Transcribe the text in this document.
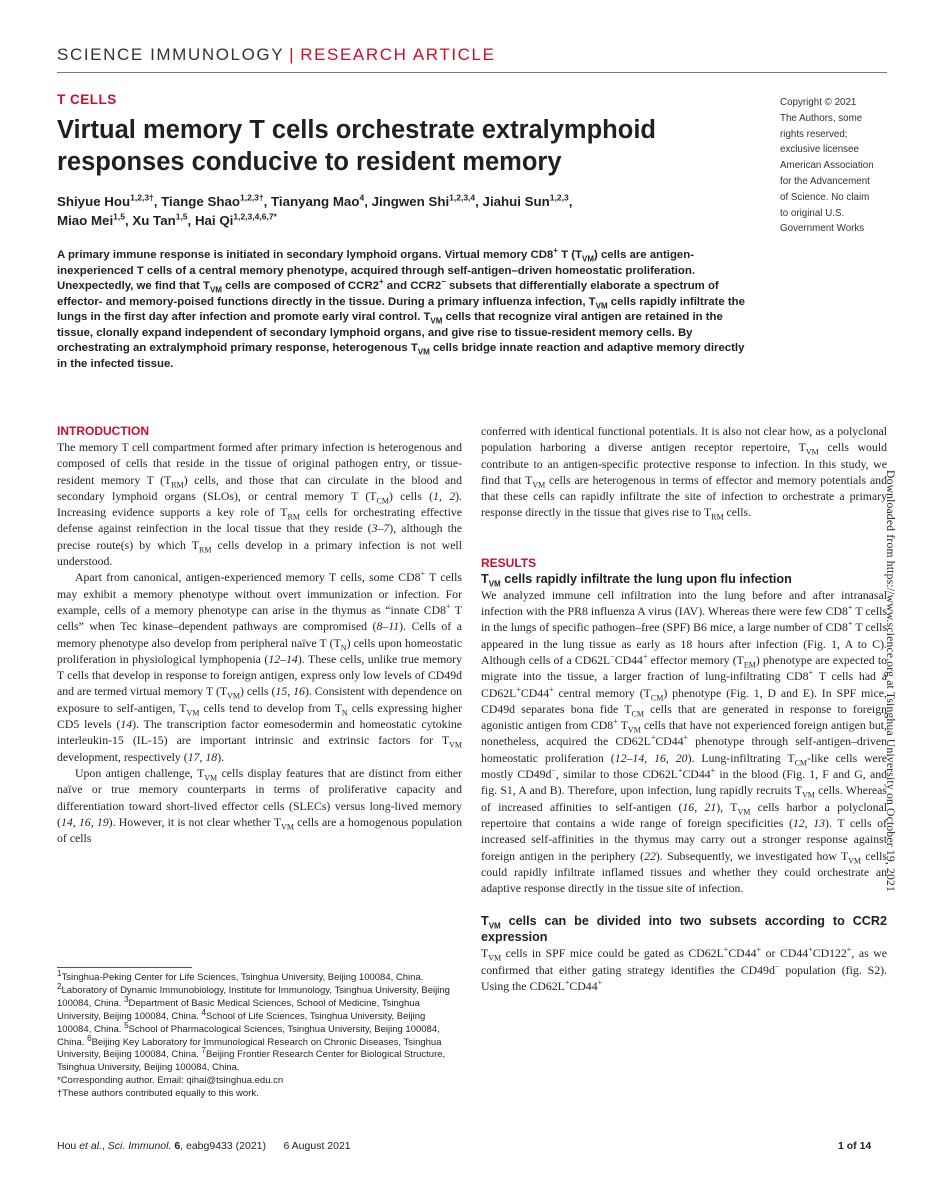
SCIENCE IMMUNOLOGY | RESEARCH ARTICLE
T CELLS
Virtual memory T cells orchestrate extralymphoid responses conducive to resident memory
Shiyue Hou$^{1,2,3\dagger}$, Tiange Shao$^{1,2,3\dagger}$, Tianyang Mao$^4$, Jingwen Shi$^{1,2,3,4}$, Jiahui Sun$^{1,2,3}$,
Miao Mei$^{1,5}$, Xu Tan$^{1,5}$, Hai $Qi^{1,2,3,4,6,7*}$
Copyright © 2021
The Authors, some
rights reserved;
exclusive licensee
American Association
for the Advancement
of Science. No claim
to original U.S.
Government Works

A primary immune response is initiated in secondary lymphoid organs. Virtual memory CD8+ T $(T_{VM})$ cells are antigen-inexperienced T cells of a central memory phenotype, acquired through self-antigen–driven homeostatic proliferation. Unexpectedly, we find that $T_{VM}$ cells are composed of CCR2+ and CCR2− subsets that differentially elaborate a spectrum of effector- and memory-poised functions directly in the tissue. During a primary influenza infection, $T_{VM}$ cells rapidly infiltrate the lungs in the first day after infection and promote early viral control. $T_{VM}$ cells that recognize viral antigen are retained in the tissue, clonally expand independent of secondary lymphoid organs, and give rise to tissue-resident memory cells. By orchestrating an extralymphoid primary response, heterogenous $T_{VM}$ cells bridge innate reaction and adaptive memory directly in the infected tissue.

INTRODUCTION

The memory T cell compartment formed after primary infection is heterogenous and composed of cells that reside in the tissue of original pathogen entry, or tissue-resident memory T $(T_{RM})$ cells, and those that can circulate in the blood and secondary lymphoid organs (SLOs), or central memory T $(T_{CM})$ cells (1, 2). Increasing evidence supports a key role of $T_{RM}$ cells for orchestrating effective defense against reinfection in the local tissue that they reside (3–7), although the precise route(s) by which $T_{RM}$ cells develop in a primary infection is not well understood.

Apart from canonical, antigen-experienced memory T cells, some CD8+ T cells may exhibit a memory phenotype without overt immunization or infection. For example, cells of a memory phenotype can arise in the thymus as “innate CD8+ T cells” when Tec kinase–dependent pathways are compromised (8–11). Cells of a memory phenotype also develop from peripheral naïve T $(T_N)$ cells upon homeostatic proliferation in physiological lymphopenia (12–14). These cells, unlike true memory T cells that develop in response to foreign antigen, express only low levels of CD49d and are termed virtual memory T $(T_{VM})$ cells (15, 16). Consistent with dependence on exposure to self-antigen, $T_{VM}$ cells tend to develop from $T_N$ cells expressing higher CD5 levels (14). The transcription factor eomesodermin and homeostatic cytokine interleukin-15 (IL-15) are important intrinsic and extrinsic factors for $T_{VM}$ development, respectively (17, 18).

Upon antigen challenge, $T_{VM}$ cells display features that are distinct from either naïve or true memory counterparts in terms of proliferative capacity and differentiation toward short-lived effector cells (SLECs) versus long-lived memory (14, 16, 19). However, it is not clear whether $T_{VM}$ cells are a homogenous population of cells

conferred with identical functional potentials. It is also not clear how, as a polyclonal population harboring a diverse antigen receptor repertoire, $T_{VM}$ cells would contribute to an antigen-specific protective response to infection. In this study, we find that $T_{VM}$ cells are heterogenous in terms of effector and memory potentials and that these cells can rapidly infiltrate the site of infection to orchestrate a primary response directly in the tissue that gives rise to $T_{RM}$ cells.

RESULTS
$T_{VM}$ cells rapidly infiltrate the lung upon flu infection

We analyzed immune cell infiltration into the lung before and after intranasal infection with the PR8 influenza A virus (IAV). Whereas there were few CD8+ T cells in the lungs of specific pathogen–free (SPF) B6 mice, a large number of CD8+ T cells appeared in the lung tissue as early as 18 hours after infection (Fig. 1, A to C). Although cells of a CD62L−CD44+ effector memory $(T_{EM})$ phenotype are expected to migrate into the tissue, a larger fraction of lung-infiltrating CD8+ T cells had a CD62L+CD44+ central memory $(T_{CM})$ phenotype (Fig. 1, D and E). In SPF mice, CD49d separates bona fide $T_{CM}$ cells that are generated in response to foreign agonistic antigen from CD8+ $T_{VM}$ cells that have not experienced foreign antigen but, nonetheless, acquired the CD62L+CD44+ phenotype through self-antigen–driven homeostatic proliferation (12–14, 16, 20). Lung-infiltrating $T_{CM}$-like cells were mostly CD49d−, similar to those CD62L+CD44+ in the blood (Fig. 1, F and G, and fig. S1, A and B). Therefore, upon infection, lung rapidly recruits $T_{VM}$ cells. Whereas of increased affinities to self-antigen (16, 21), $T_{VM}$ cells harbor a polyclonal repertoire that contains a wide range of foreign specificities (12, 13). T cells of increased self-affinities in the thymus may carry out a stronger response against foreign antigen in the periphery (22). Subsequently, we investigated how $T_{VM}$ cells could rapidly infiltrate inflamed tissues and whether they could orchestrate an adaptive response directly in the tissue site of infection.

$T_{VM}$ cells can be divided into two subsets according to CCR2 expression

$T_{VM}$ cells in SPF mice could be gated as CD62L+CD44+ or CD44+CD122+, as we confirmed that either gating strategy identifies the CD49d− population (fig. S2). Using the CD62L+CD44+

$^1$Tsinghua-Peking Center for Life Sciences, Tsinghua University, Beijing 100084, China. $^2$Laboratory of Dynamic Immunobiology, Institute for Immunology, Tsinghua University, Beijing 100084, China. $^3$Department of Basic Medical Sciences, School of Medicine, Tsinghua University, Beijing 100084, China. $^4$School of Life Sciences, Tsinghua University, Beijing 100084, China. $^5$School of Pharmacological Sciences, Tsinghua University, Beijing 100084, China. $^6$Beijing Key Laboratory for Immunological Research on Chronic Diseases, Tsinghua University, Beijing 100084, China. $^7$Beijing Frontier Research Center for Biological Structure, Tsinghua University, Beijing 100084, China.

*Corresponding author. Email: qihai@tsinghua.edu.cn

†These authors contributed equally to this work.

Hou et al., Sci. Immunol. 6, eabg9433 (2021)      6 August 2021	1 of 14
Downloaded from https://www.science.org at Tsinghua University on October 19, 2021
